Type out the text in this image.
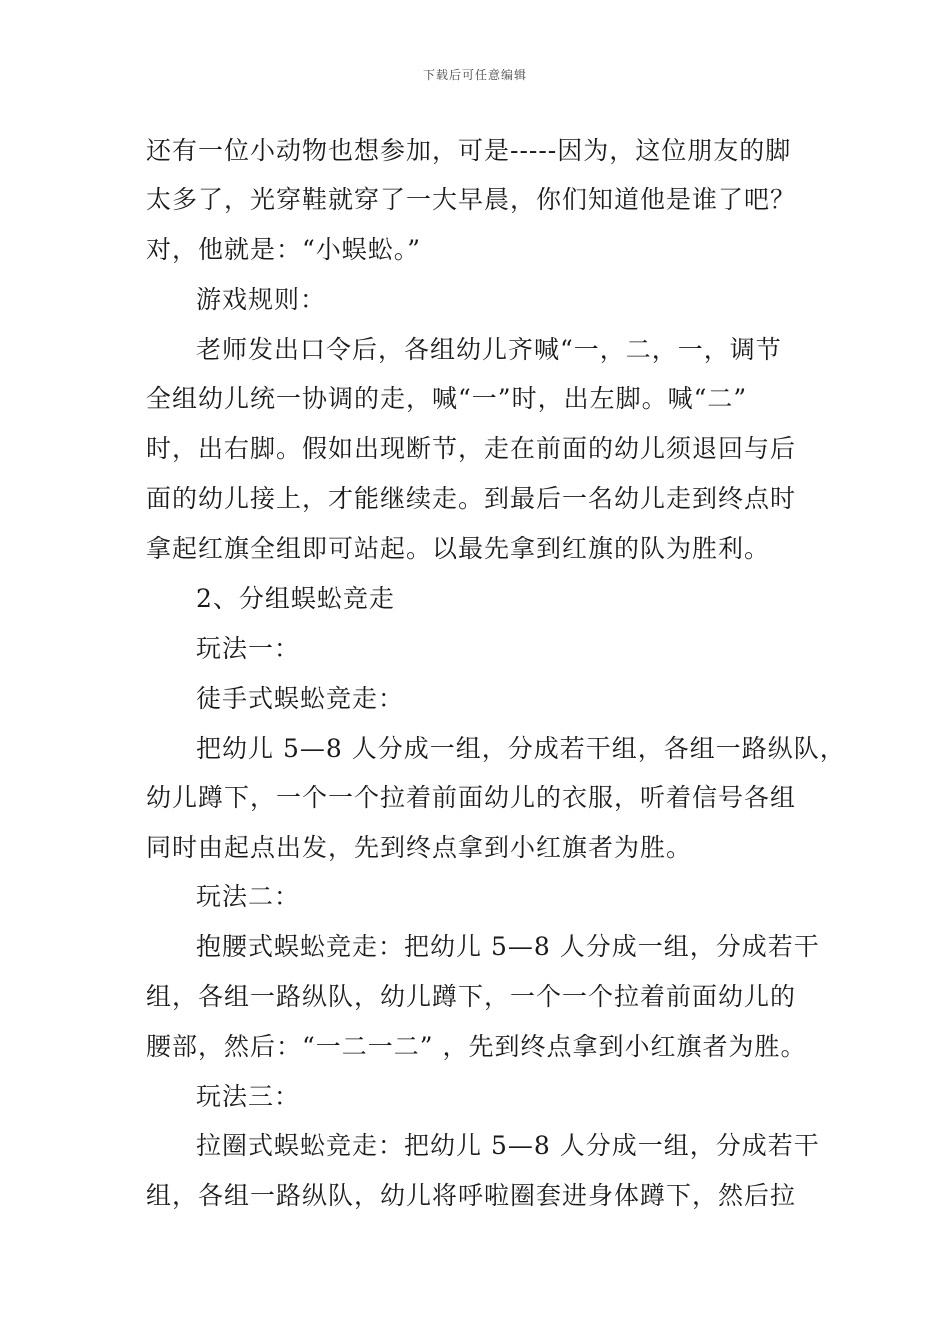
下载后可任意编辑
还有一位小动物也想参加，可是-----因为，这位朋友的脚
太多了，光穿鞋就穿了一大早晨，你们知道他是谁了吧？
对，他就是：“小蜈蚣。”
游戏规则：
老师发出口令后，各组幼儿齐喊“一，二，一，调节
全组幼儿统一协调的走，喊“一”时，出左脚。喊“二”
时，出右脚。假如出现断节，走在前面的幼儿须退回与后
面的幼儿接上，才能继续走。到最后一名幼儿走到终点时
拿起红旗全组即可站起。以最先拿到红旗的队为胜利。
2、分组蜈蚣竞走
玩法一：
徒手式蜈蚣竞走：
把幼儿 5—8 人分成一组，分成若干组，各组一路纵队，
幼儿蹲下，一个一个拉着前面幼儿的衣服，听着信号各组
同时由起点出发，先到终点拿到小红旗者为胜。
玩法二：
抱腰式蜈蚣竞走：把幼儿 5—8 人分成一组，分成若干
组，各组一路纵队，幼儿蹲下，一个一个拉着前面幼儿的
腰部，然后：“一二一二” ，先到终点拿到小红旗者为胜。
玩法三：
拉圈式蜈蚣竞走：把幼儿 5—8 人分成一组，分成若干
组，各组一路纵队，幼儿将呼啦圈套进身体蹲下，然后拉
